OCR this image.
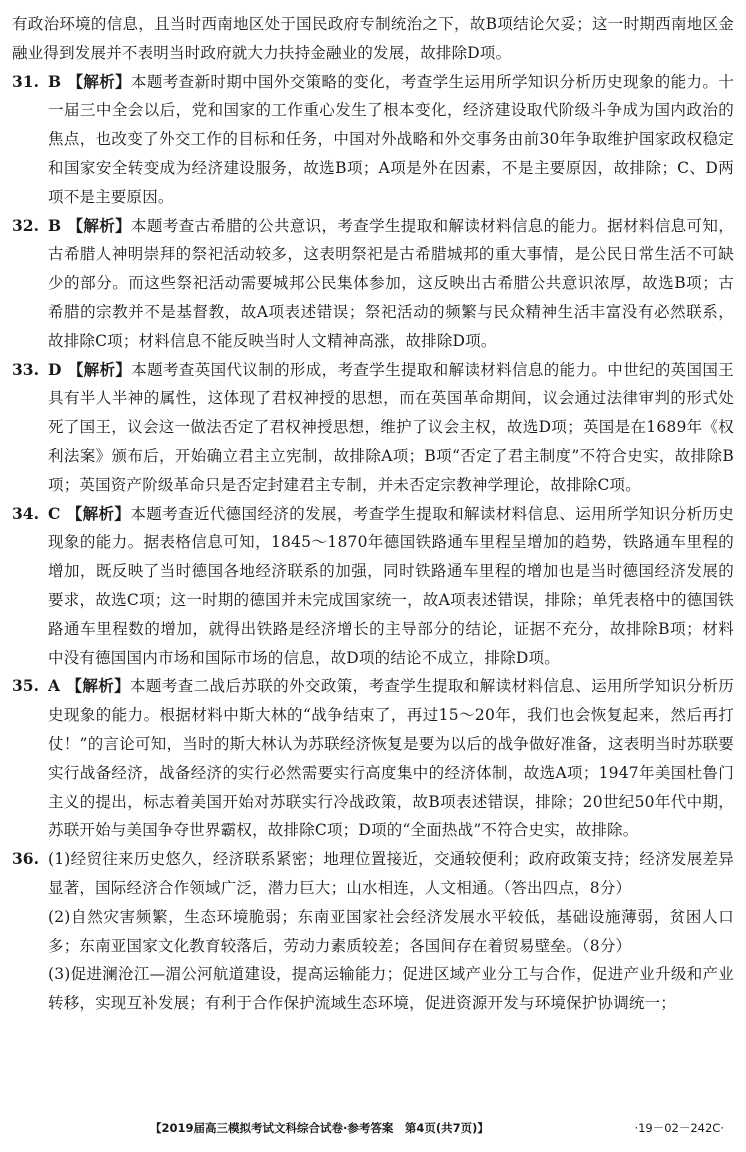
有政治环境的信息，且当时西南地区处于国民政府专制统治之下，故B项结论欠妥；这一时期西南地区金融业得到发展并不表明当时政府就大力扶持金融业的发展，故排除D项。

31. B 【解析】本题考查新时期中国外交策略的变化，考查学生运用所学知识分析历史现象的能力。十一届三中全会以后，党和国家的工作重心发生了根本变化，经济建设取代阶级斗争成为国内政治的焦点，也改变了外交工作的目标和任务，中国对外战略和外交事务由前30年争取维护国家政权稳定和国家安全转变成为经济建设服务，故选B项；A项是外在因素，不是主要原因，故排除；C、D两项不是主要原因。

32. B 【解析】本题考查古希腊的公共意识，考查学生提取和解读材料信息的能力。据材料信息可知，古希腊人神明崇拜的祭祀活动较多，这表明祭祀是古希腊城邦的重大事情，是公民日常生活不可缺少的部分。而这些祭祀活动需要城邦公民集体参加，这反映出古希腊公共意识浓厚，故选B项；古希腊的宗教并不是基督教，故A项表述错误；祭祀活动的频繁与民众精神生活丰富没有必然联系，故排除C项；材料信息不能反映当时人文精神高涨，故排除D项。

33. D 【解析】本题考查英国代议制的形成，考查学生提取和解读材料信息的能力。中世纪的英国国王具有半人半神的属性，这体现了君权神授的思想，而在英国革命期间，议会通过法律审判的形式处死了国王，议会这一做法否定了君权神授思想，维护了议会主权，故选D项；英国是在1689年《权利法案》颁布后，开始确立君主立宪制，故排除A项；B项“否定了君主制度”不符合史实，故排除B项；英国资产阶级革命只是否定封建君主专制，并未否定宗教神学理论，故排除C项。

34. C 【解析】本题考查近代德国经济的发展，考查学生提取和解读材料信息、运用所学知识分析历史现象的能力。据表格信息可知，1845～1870年德国铁路通车里程呈增加的趋势，铁路通车里程的增加，既反映了当时德国各地经济联系的加强，同时铁路通车里程的增加也是当时德国经济发展的要求，故选C项；这一时期的德国并未完成国家统一，故A项表述错误，排除；单凭表格中的德国铁路通车里程数的增加，就得出铁路是经济增长的主导部分的结论，证据不充分，故排除B项；材料中没有德国国内市场和国际市场的信息，故D项的结论不成立，排除D项。

35. A 【解析】本题考查二战后苏联的外交政策，考查学生提取和解读材料信息、运用所学知识分析历史现象的能力。根据材料中斯大林的“战争结束了，再过15～20年，我们也会恢复起来，然后再打仗！”的言论可知，当时的斯大林认为苏联经济恢复是要为以后的战争做好准备，这表明当时苏联要实行战备经济，战备经济的实行必然需要实行高度集中的经济体制，故选A项；1947年美国杜鲁门主义的提出，标志着美国开始对苏联实行冷战政策，故B项表述错误，排除；20世纪50年代中期，苏联开始与美国争夺世界霸权，故排除C项；D项的“全面热战”不符合史实，故排除。

36. (1)经贸往来历史悠久，经济联系紧密；地理位置接近，交通较便利；政府政策支持；经济发展差异显著，国际经济合作领域广泛，潜力巨大；山水相连，人文相通。（答出四点，8分）

(2)自然灾害频繁，生态环境脆弱；东南亚国家社会经济发展水平较低，基础设施薄弱，贫困人口多；东南亚国家文化教育较落后，劳动力素质较差；各国间存在着贸易壁垒。（8分）

(3)促进澜沧江—湄公河航道建设，提高运输能力；促进区域产业分工与合作，促进产业升级和产业转移，实现互补发展；有利于合作保护流域生态环境，促进资源开发与环境保护协调统一；

【2019届高三模拟考试文科综合试卷·参考答案　第4页(共7页)】	·19－02－242C·
